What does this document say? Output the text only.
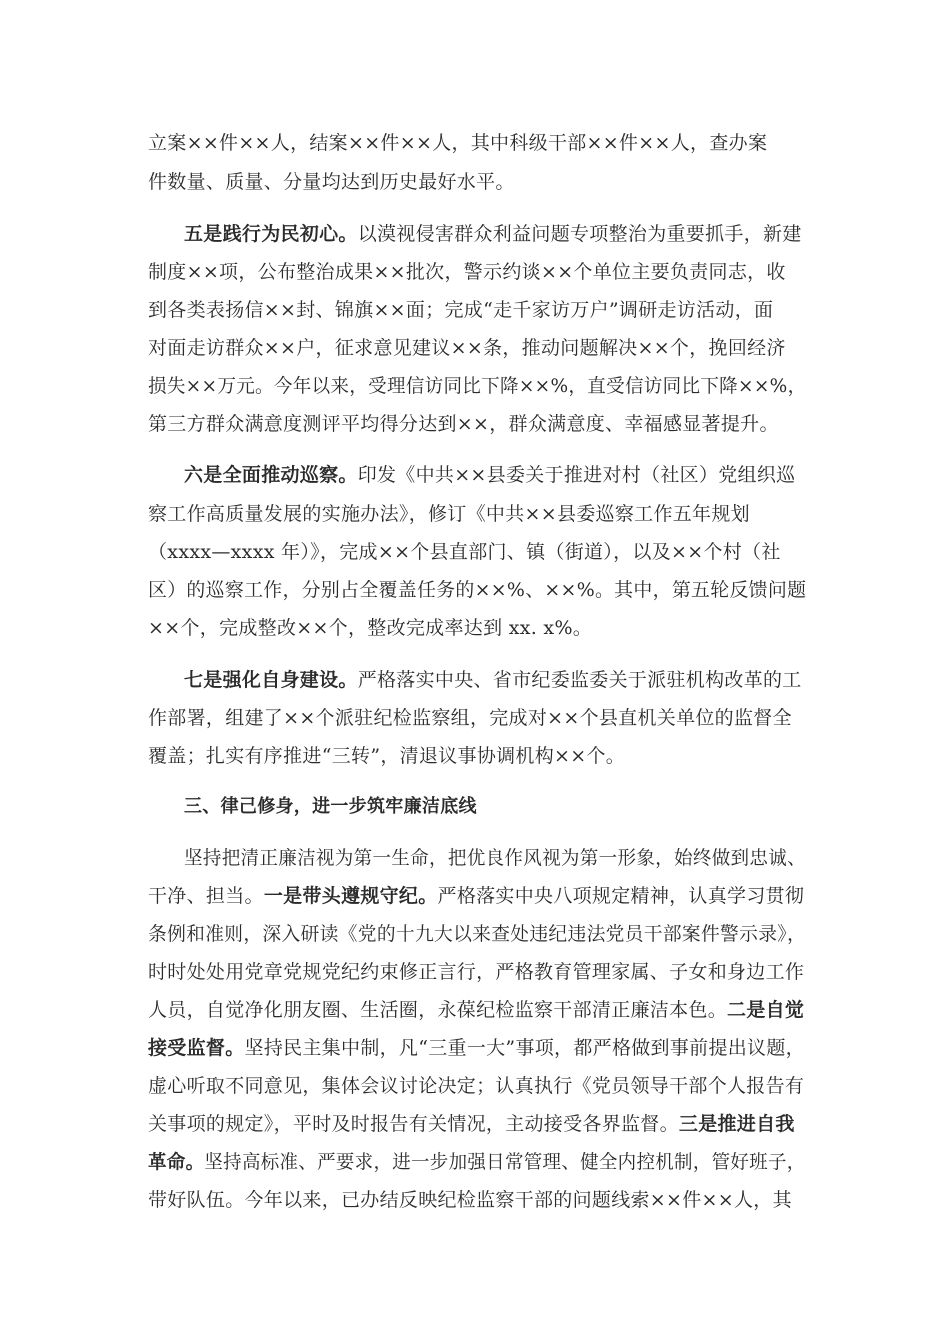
立案××件××人，结案××件××人，其中科级干部××件××人，查办案
件数量、质量、分量均达到历史最好水平。
五是践行为民初心。以漠视侵害群众利益问题专项整治为重要抓手，新建
制度××项，公布整治成果××批次，警示约谈××个单位主要负责同志，收
到各类表扬信××封、锦旗××面；完成“走千家访万户”调研走访活动，面
对面走访群众××户，征求意见建议××条，推动问题解决××个，挽回经济
损失××万元。今年以来，受理信访同比下降××%，直受信访同比下降××%，
第三方群众满意度测评平均得分达到××，群众满意度、幸福感显著提升。
六是全面推动巡察。印发《中共××县委关于推进对村（社区）党组织巡
察工作高质量发展的实施办法》，修订《中共××县委巡察工作五年规划
（xxxx—xxxx 年）》，完成××个县直部门、镇（街道），以及××个村（社
区）的巡察工作，分别占全覆盖任务的××%、××%。其中，第五轮反馈问题
××个，完成整改××个，整改完成率达到 xx. x%。
七是强化自身建设。严格落实中央、省市纪委监委关于派驻机构改革的工
作部署，组建了××个派驻纪检监察组，完成对××个县直机关单位的监督全
覆盖；扎实有序推进“三转”，清退议事协调机构××个。
三、律己修身，进一步筑牢廉洁底线
坚持把清正廉洁视为第一生命，把优良作风视为第一形象，始终做到忠诚、
干净、担当。一是带头遵规守纪。严格落实中央八项规定精神，认真学习贯彻
条例和准则，深入研读《党的十九大以来查处违纪违法党员干部案件警示录》，
时时处处用党章党规党纪约束修正言行，严格教育管理家属、子女和身边工作
人员，自觉净化朋友圈、生活圈，永葆纪检监察干部清正廉洁本色。二是自觉
接受监督。坚持民主集中制，凡“三重一大”事项，都严格做到事前提出议题，
虚心听取不同意见，集体会议讨论决定；认真执行《党员领导干部个人报告有
关事项的规定》，平时及时报告有关情况，主动接受各界监督。三是推进自我
革命。坚持高标准、严要求，进一步加强日常管理、健全内控机制，管好班子，
带好队伍。今年以来，已办结反映纪检监察干部的问题线索××件××人，其
